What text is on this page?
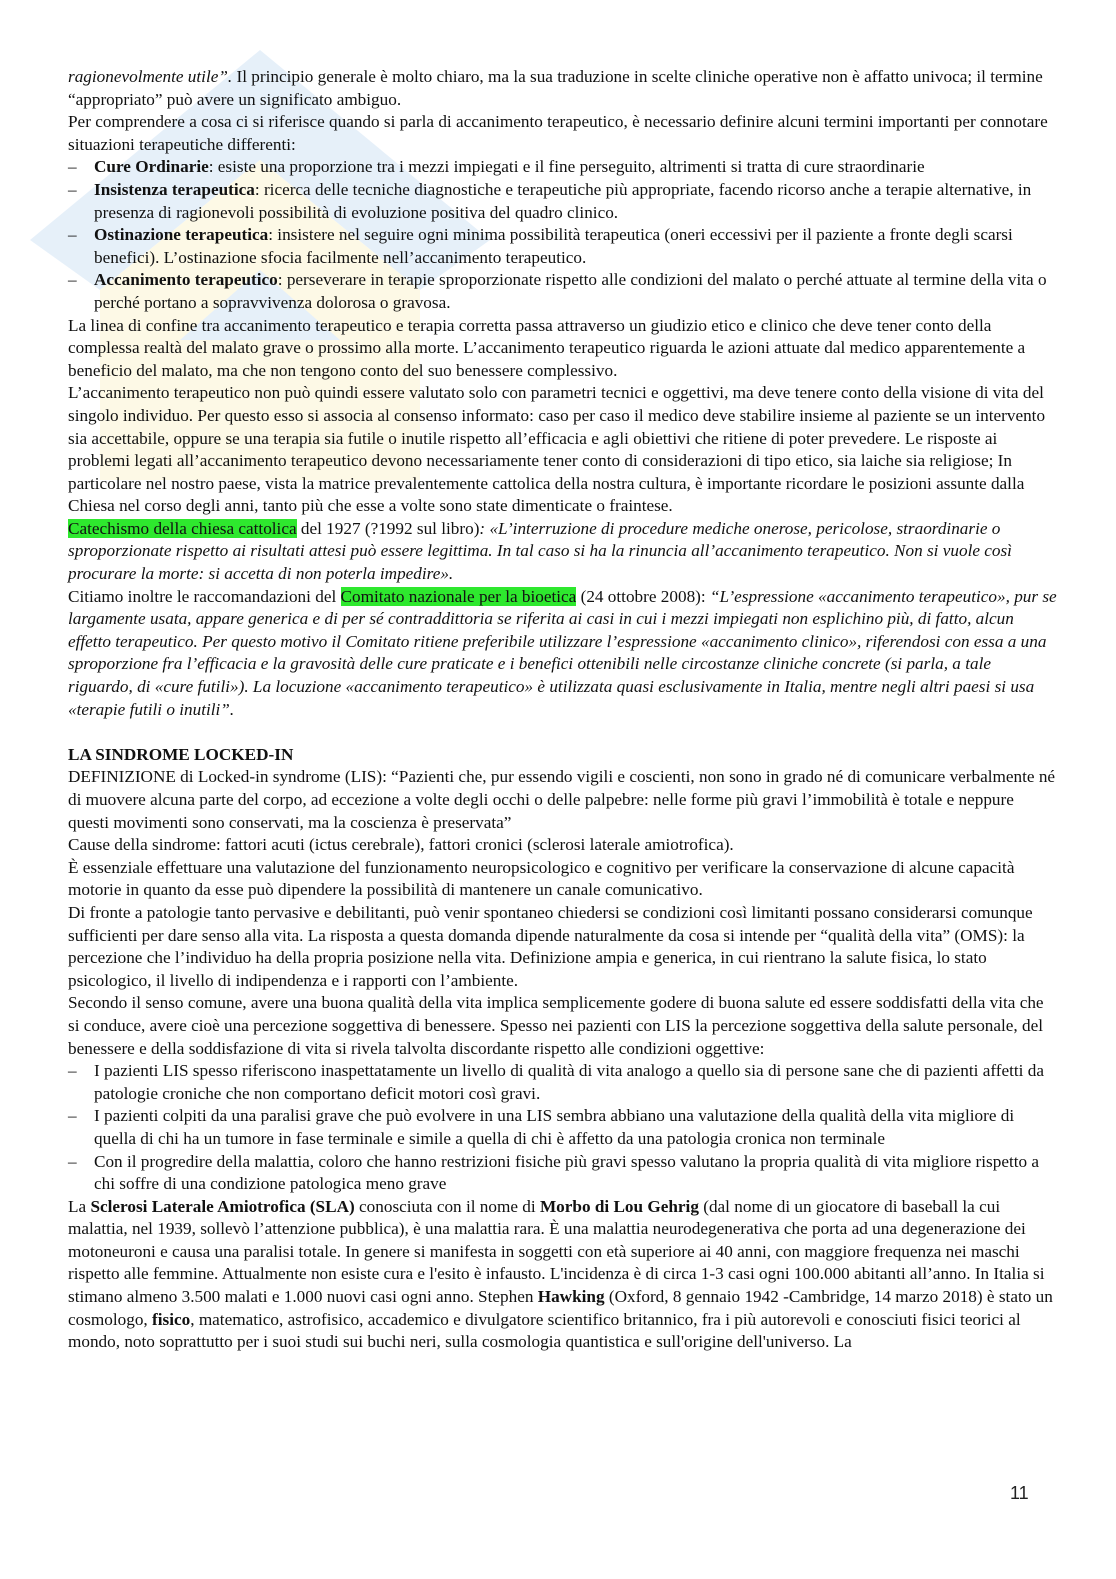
ragionevolmente utile”. Il principio generale è molto chiaro, ma la sua traduzione in scelte cliniche operative non è affatto univoca; il termine “appropriato” può avere un significato ambiguo.

Per comprendere a cosa ci si riferisce quando si parla di accanimento terapeutico, è necessario definire alcuni termini importanti per connotare situazioni terapeutiche differenti:

– Cure Ordinarie: esiste una proporzione tra i mezzi impiegati e il fine perseguito, altrimenti si tratta di cure straordinarie
– Insistenza terapeutica: ricerca delle tecniche diagnostiche e terapeutiche più appropriate, facendo ricorso anche a terapie alternative, in presenza di ragionevoli possibilità di evoluzione positiva del quadro clinico.
– Ostinazione terapeutica: insistere nel seguire ogni minima possibilità terapeutica (oneri eccessivi per il paziente a fronte degli scarsi benefici). L’ostinazione sfocia facilmente nell’accanimento terapeutico.
– Accanimento terapeutico: perseverare in terapie sproporzionate rispetto alle condizioni del malato o perché attuate al termine della vita o perché portano a sopravvivenza dolorosa o gravosa.

La linea di confine tra accanimento terapeutico e terapia corretta passa attraverso un giudizio etico e clinico che deve tener conto della complessa realtà del malato grave o prossimo alla morte. L’accanimento terapeutico riguarda le azioni attuate dal medico apparentemente a beneficio del malato, ma che non tengono conto del suo benessere complessivo.

L’accanimento terapeutico non può quindi essere valutato solo con parametri tecnici e oggettivi, ma deve tenere conto della visione di vita del singolo individuo. Per questo esso si associa al consenso informato: caso per caso il medico deve stabilire insieme al paziente se un intervento sia accettabile, oppure se una terapia sia futile o inutile rispetto all’efficacia e agli obiettivi che ritiene di poter prevedere. Le risposte ai problemi legati all’accanimento terapeutico devono necessariamente tener conto di considerazioni di tipo etico, sia laiche sia religiose; In particolare nel nostro paese, vista la matrice prevalentemente cattolica della nostra cultura, è importante ricordare le posizioni assunte dalla Chiesa nel corso degli anni, tanto più che esse a volte sono state dimenticate o fraintese.

Catechismo della chiesa cattolica del 1927 (?1992 sul libro): «L’interruzione di procedure mediche onerose, pericolose, straordinarie o sproporzionate rispetto ai risultati attesi può essere legittima. In tal caso si ha la rinuncia all’accanimento terapeutico. Non si vuole così procurare la morte: si accetta di non poterla impedire».

Citiamo inoltre le raccomandazioni del Comitato nazionale per la bioetica (24 ottobre 2008): “L’espressione «accanimento terapeutico», pur se largamente usata, appare generica e di per sé contraddittoria se riferita ai casi in cui i mezzi impiegati non esplichino più, di fatto, alcun effetto terapeutico. Per questo motivo il Comitato ritiene preferibile utilizzare l’espressione «accanimento clinico», riferendosi con essa a una sproporzione fra l’efficacia e la gravosità delle cure praticate e i benefici ottenibili nelle circostanze cliniche concrete (si parla, a tale riguardo, di «cure futili»). La locuzione «accanimento terapeutico» è utilizzata quasi esclusivamente in Italia, mentre negli altri paesi si usa «terapie futili o inutili”.

LA SINDROME LOCKED-IN

DEFINIZIONE di Locked-in syndrome (LIS): “Pazienti che, pur essendo vigili e coscienti, non sono in grado né di comunicare verbalmente né di muovere alcuna parte del corpo, ad eccezione a volte degli occhi o delle palpebre: nelle forme più gravi l’immobilità è totale e neppure questi movimenti sono conservati, ma la coscienza è preservata”

Cause della sindrome: fattori acuti (ictus cerebrale), fattori cronici (sclerosi laterale amiotrofica).

È essenziale effettuare una valutazione del funzionamento neuropsicologico e cognitivo per verificare la conservazione di alcune capacità motorie in quanto da esse può dipendere la possibilità di mantenere un canale comunicativo.

Di fronte a patologie tanto pervasive e debilitanti, può venir spontaneo chiedersi se condizioni così limitanti possano considerarsi comunque sufficienti per dare senso alla vita. La risposta a questa domanda dipende naturalmente da cosa si intende per “qualità della vita” (OMS): la percezione che l’individuo ha della propria posizione nella vita. Definizione ampia e generica, in cui rientrano la salute fisica, lo stato psicologico, il livello di indipendenza e i rapporti con l’ambiente.

Secondo il senso comune, avere una buona qualità della vita implica semplicemente godere di buona salute ed essere soddisfatti della vita che si conduce, avere cioè una percezione soggettiva di benessere. Spesso nei pazienti con LIS la percezione soggettiva della salute personale, del benessere e della soddisfazione di vita si rivela talvolta discordante rispetto alle condizioni oggettive:

– I pazienti LIS spesso riferiscono inaspettatamente un livello di qualità di vita analogo a quello sia di persone sane che di pazienti affetti da patologie croniche che non comportano deficit motori così gravi.
– I pazienti colpiti da una paralisi grave che può evolvere in una LIS sembra abbiano una valutazione della qualità della vita migliore di quella di chi ha un tumore in fase terminale e simile a quella di chi è affetto da una patologia cronica non terminale
– Con il progredire della malattia, coloro che hanno restrizioni fisiche più gravi spesso valutano la propria qualità di vita migliore rispetto a chi soffre di una condizione patologica meno grave

La Sclerosi Laterale Amiotrofica (SLA) conosciuta con il nome di Morbo di Lou Gehrig (dal nome di un giocatore di baseball la cui malattia, nel 1939, sollevò l’attenzione pubblica), è una malattia rara. È una malattia neurodegenerativa che porta ad una degenerazione dei motoneuroni e causa una paralisi totale. In genere si manifesta in soggetti con età superiore ai 40 anni, con maggiore frequenza nei maschi rispetto alle femmine. Attualmente non esiste cura e l'esito è infausto. L'incidenza è di circa 1-3 casi ogni 100.000 abitanti all’anno. In Italia si stimano almeno 3.500 malati e 1.000 nuovi casi ogni anno. Stephen Hawking (Oxford, 8 gennaio 1942 -Cambridge, 14 marzo 2018) è stato un cosmologo, fisico, matematico, astrofisico, accademico e divulgatore scientifico britannico, fra i più autorevoli e conosciuti fisici teorici al mondo, noto soprattutto per i suoi studi sui buchi neri, sulla cosmologia quantistica e sull'origine dell'universo. La

11
